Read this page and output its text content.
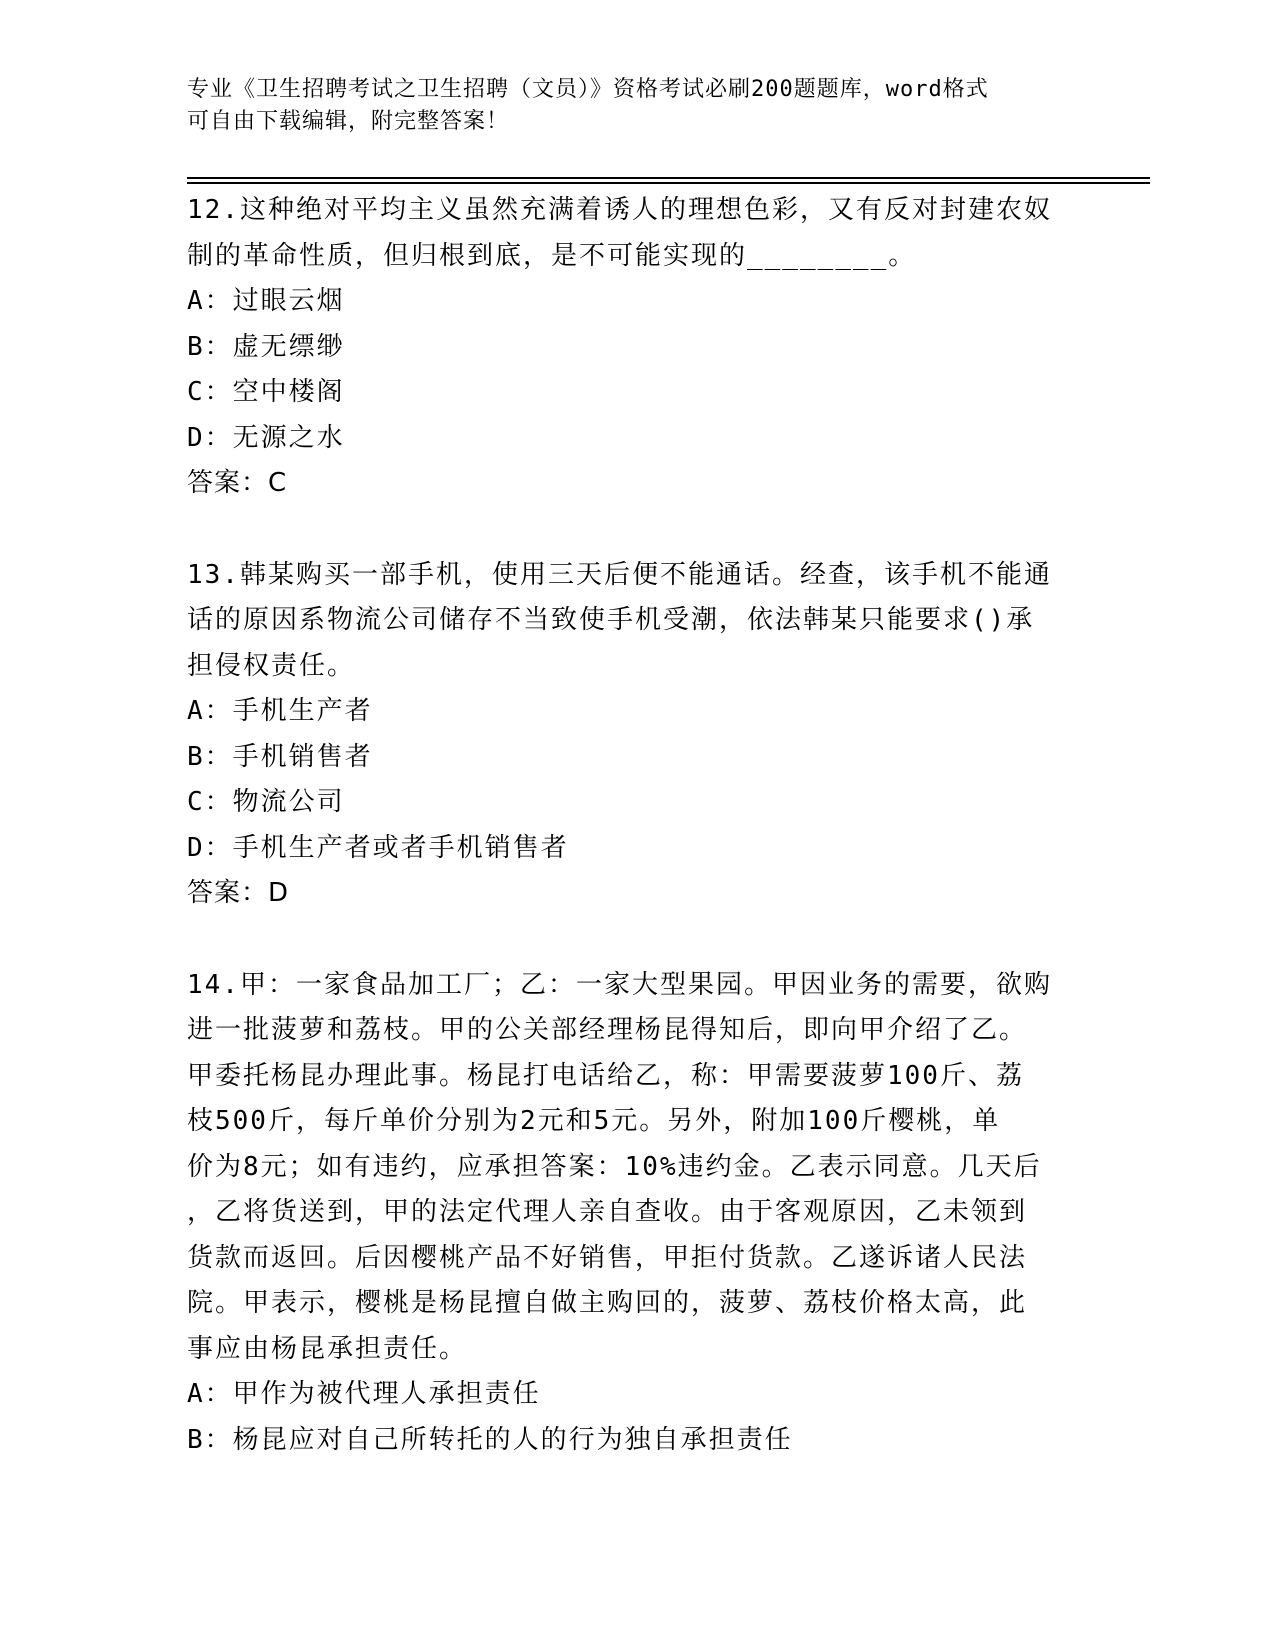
专业《卫生招聘考试之卫生招聘（文员）》资格考试必刷200题题库，word格式

可自由下载编辑，附完整答案！

12.这种绝对平均主义虽然充满着诱人的理想色彩，又有反对封建农奴

制的革命性质，但归根到底，是不可能实现的________。

A：过眼云烟

B：虚无缥缈

C：空中楼阁

D：无源之水

答案：C

13.韩某购买一部手机，使用三天后便不能通话。经查，该手机不能通

话的原因系物流公司储存不当致使手机受潮，依法韩某只能要求()承

担侵权责任。

A：手机生产者

B：手机销售者

C：物流公司

D：手机生产者或者手机销售者

答案：D

14.甲：一家食品加工厂；乙：一家大型果园。甲因业务的需要，欲购

进一批菠萝和荔枝。甲的公关部经理杨昆得知后，即向甲介绍了乙。

甲委托杨昆办理此事。杨昆打电话给乙，称：甲需要菠萝100斤、荔

枝500斤，每斤单价分别为2元和5元。另外，附加100斤樱桃，单

价为8元；如有违约，应承担答案：10%违约金。乙表示同意。几天后

，乙将货送到，甲的法定代理人亲自查收。由于客观原因，乙未领到

货款而返回。后因樱桃产品不好销售，甲拒付货款。乙遂诉诸人民法

院。甲表示，樱桃是杨昆擅自做主购回的，菠萝、荔枝价格太高，此

事应由杨昆承担责任。

A：甲作为被代理人承担责任

B：杨昆应对自己所转托的人的行为独自承担责任
